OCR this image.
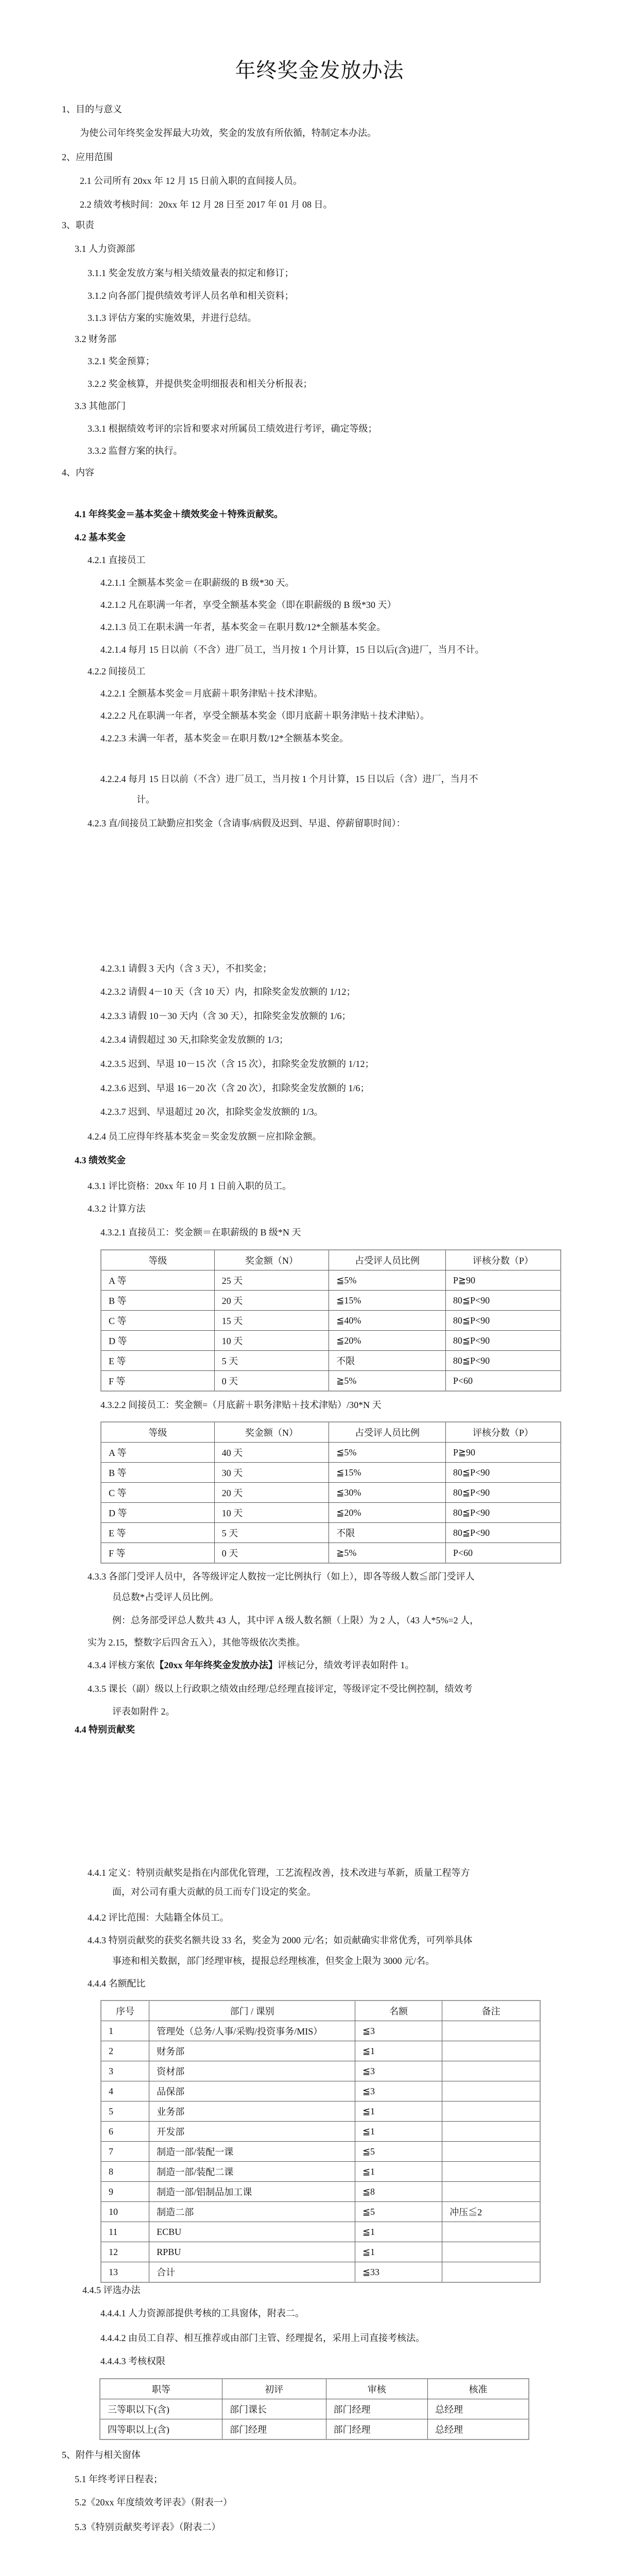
年终奖金发放办法
1、目的与意义
为使公司年终奖金发挥最大功效，奖金的发放有所依循，特制定本办法。
2、应用范围
2.1 公司所有 20xx 年 12 月 15 日前入职的直间接人员。
2.2 绩效考核时间：20xx 年 12 月 28 日至 2017 年 01 月 08 日。
3、职责
3.1 人力资源部
3.1.1 奖金发放方案与相关绩效量表的拟定和修订；
3.1.2 向各部门提供绩效考评人员名单和相关资料；
3.1.3 评估方案的实施效果，并进行总结。
3.2 财务部
3.2.1 奖金预算；
3.2.2 奖金核算，并提供奖金明细报表和相关分析报表；
3.3 其他部门
3.3.1 根据绩效考评的宗旨和要求对所属员工绩效进行考评，确定等级；
3.3.2 监督方案的执行。
4、内容
4.1 年终奖金＝基本奖金＋绩效奖金＋特殊贡献奖。
4.2 基本奖金
4.2.1 直接员工
4.2.1.1 全额基本奖金＝在职薪级的 B 级*30 天。
4.2.1.2 凡在职满一年者，享受全额基本奖金（即在职薪级的 B 级*30 天）
4.2.1.3 员工在职未满一年者，基本奖金＝在职月数/12*全额基本奖金。
4.2.1.4 每月 15 日以前（不含）进厂员工，当月按 1 个月计算，15 日以后(含)进厂，当月不计。
4.2.2 间接员工
4.2.2.1 全额基本奖金＝月底薪＋职务津贴＋技术津贴。
4.2.2.2 凡在职满一年者，享受全额基本奖金（即月底薪＋职务津贴＋技术津贴）。
4.2.2.3 未满一年者，基本奖金＝在职月数/12*全额基本奖金。
4.2.2.4 每月 15 日以前（不含）进厂员工，当月按 1 个月计算，15 日以后（含）进厂，当月不
计。
4.2.3 直/间接员工缺勤应扣奖金（含请事/病假及迟到、早退、停薪留职时间）：
4.2.3.1 请假 3 天内（含 3 天），不扣奖金；
4.2.3.2 请假 4－10 天（含 10 天）内，扣除奖金发放额的 1/12；
4.2.3.3 请假 10－30 天内（含 30 天），扣除奖金发放额的 1/6；
4.2.3.4 请假超过 30 天,扣除奖金发放额的 1/3；
4.2.3.5 迟到、早退 10－15 次（含 15 次），扣除奖金发放额的 1/12；
4.2.3.6 迟到、早退 16－20 次（含 20 次），扣除奖金发放额的 1/6；
4.2.3.7 迟到、早退超过 20 次，扣除奖金发放额的 1/3。
4.2.4 员工应得年终基本奖金＝奖金发放额－应扣除金额。
4.3 绩效奖金
4.3.1 评比资格：20xx 年 10 月 1 日前入职的员工。
4.3.2 计算方法
4.3.2.1 直接员工：奖金额＝在职薪级的 B 级*N 天
等级	奖金额（N）	占受评人员比例	评核分数（P）
A 等	25 天	≦5%	P≧90
B 等	20 天	≦15%	80≦P<90
C 等	15 天	≦40%	80≦P<90
D 等	10 天	≦20%	80≦P<90
E 等	5 天	不限	80≦P<90
F 等	0 天	≧5%	P<60
4.3.2.2 间接员工：奖金额=（月底薪＋职务津贴＋技术津贴）/30*N 天
等级	奖金额（N）	占受评人员比例	评核分数（P）
A 等	40 天	≦5%	P≧90
B 等	30 天	≦15%	80≦P<90
C 等	20 天	≦30%	80≦P<90
D 等	10 天	≦20%	80≦P<90
E 等	5 天	不限	80≦P<90
F 等	0 天	≧5%	P<60
4.3.3 各部门受评人员中，各等级评定人数按一定比例执行（如上），即各等级人数≦部门受评人
员总数*占受评人员比例。
例：总务部受评总人数共 43 人，其中评 A 级人数名额（上限）为 2 人，（43 人*5%=2 人，
实为 2.15，整数字后四舍五入），其他等级依次类推。
4.3.4 评核方案依【20xx 年年终奖金发放办法】评核记分，绩效考评表如附件 1。
4.3.5 课长（副）级以上行政职之绩效由经理/总经理直接评定，等级评定不受比例控制，绩效考
评表如附件 2。
4.4 特别贡献奖
4.4.1 定义：特别贡献奖是指在内部优化管理，工艺流程改善，技术改进与革新，质量工程等方
面，对公司有重大贡献的员工而专门设定的奖金。
4.4.2 评比范围：大陆籍全体员工。
4.4.3 特别贡献奖的获奖名额共设 33 名，奖金为 2000 元/名；如贡献确实非常优秀，可列举具体
事迹和相关数据，部门经理审核，提报总经理核准，但奖金上限为 3000 元/名。
4.4.4 名额配比
序号	部门 / 课别	名额	备注
1	管理处（总务/人事/采购/投资事务/MIS）	≦3	
2	财务部	≦1	
3	资材部	≦3	
4	品保部	≦3	
5	业务部	≦1	
6	开发部	≦1	
7	制造一部/装配一课	≦5	
8	制造一部/装配二课	≦1	
9	制造一部/铝制品加工课	≦8	
10	制造二部	≦5	冲压≦2
11	ECBU	≦1	
12	RPBU	≦1	
13	合计	≦33	
4.4.5 评选办法
4.4.4.1 人力资源部提供考核的工具窗体，附表二。
4.4.4.2 由员工自荐、相互推荐或由部门主管、经理提名，采用上司直接考核法。
4.4.4.3 考核权限
职等	初评	审核	核准
三等职以下(含)	部门课长	部门经理	总经理
四等职以上(含)	部门经理	部门经理	总经理
5、附件与相关窗体
5.1 年终考评日程表；
5.2《20xx 年度绩效考评表》（附表一）
5.3《特别贡献奖考评表》（附表二）
